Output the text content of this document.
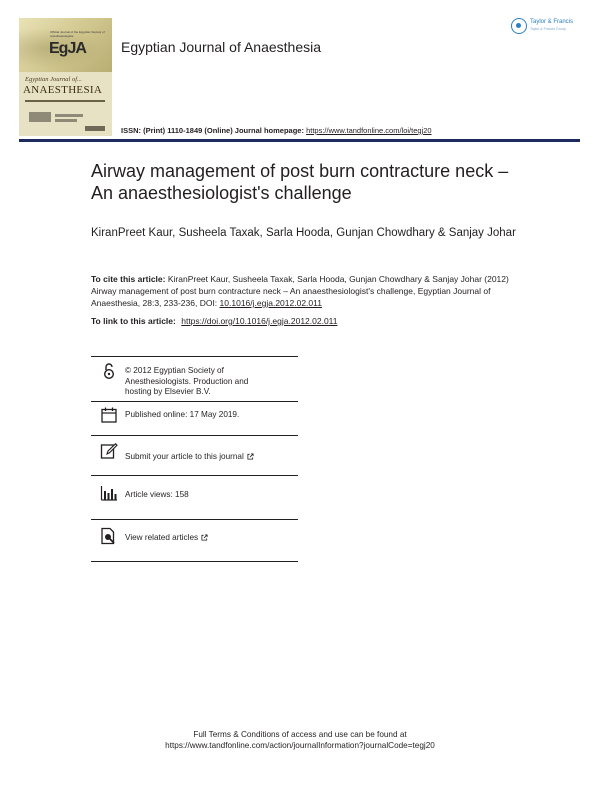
Official Journal of the Egyptian Society of Anesthesiologists
EgJA
Egyptian Journal of...
ANAESTHESIA
Egyptian Journal of Anaesthesia
Taylor & Francis
Taylor & Francis Group
ISSN: (Print) 1110-1849 (Online) Journal homepage: https://www.tandfonline.com/loi/tegj20
Airway management of post burn contracture neck – An anaesthesiologist's challenge
KiranPreet Kaur, Susheela Taxak, Sarla Hooda, Gunjan Chowdhary & Sanjay Johar
To cite this article: KiranPreet Kaur, Susheela Taxak, Sarla Hooda, Gunjan Chowdhary & Sanjay Johar (2012) Airway management of post burn contracture neck – An anaesthesiologist's challenge, Egyptian Journal of Anaesthesia, 28:3, 233-236, DOI: 10.1016/j.egja.2012.02.011
To link to this article: https://doi.org/10.1016/j.egja.2012.02.011
© 2012 Egyptian Society of Anesthesiologists. Production and hosting by Elsevier B.V.
Published online: 17 May 2019.
Submit your article to this journal
Article views: 158
View related articles
Full Terms & Conditions of access and use can be found at
https://www.tandfonline.com/action/journalInformation?journalCode=tegj20
